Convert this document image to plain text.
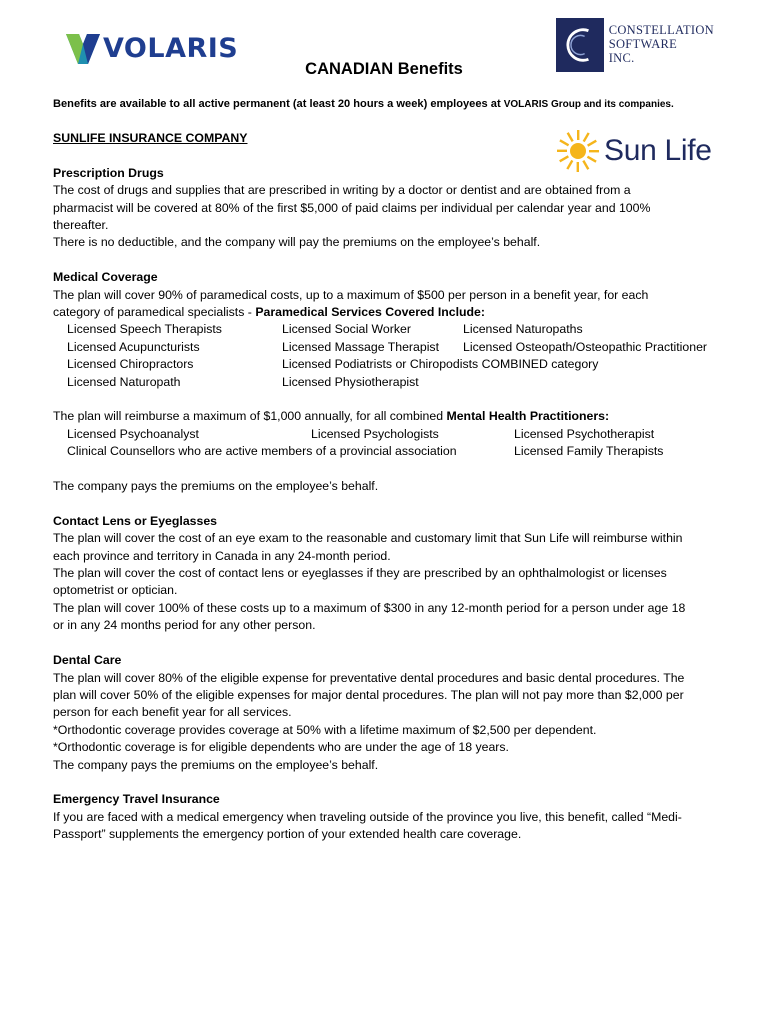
VOLARIS
CONSTELLATION
SOFTWARE
INC.
CANADIAN Benefits
Benefits are available to all active permanent (at least 20 hours a week) employees at VOLARIS Group and its companies.
Sun Life

SUNLIFE INSURANCE COMPANY

Prescription Drugs

The cost of drugs and supplies that are prescribed in writing by a doctor or dentist and are obtained from a

pharmacist will be covered at 80% of the first $5,000 of paid claims per individual per calendar year and 100%

thereafter.

There is no deductible, and the company will pay the premiums on the employee’s behalf.

Medical Coverage

The plan will cover 90% of paramedical costs, up to a maximum of $500 per person in a benefit year, for each

category of paramedical specialists - Paramedical Services Covered Include:

Licensed Speech Therapists	Licensed Social Worker	Licensed Naturopaths
Licensed Acupuncturists	Licensed Massage Therapist	Licensed Osteopath/Osteopathic Practitioner
Licensed Chiropractors	Licensed Podiatrists or Chiropodists COMBINED category
Licensed Naturopath	Licensed Physiotherapist

The plan will reimburse a maximum of $1,000 annually, for all combined Mental Health Practitioners:

Licensed Psychoanalyst	Licensed Psychologists	Licensed Psychotherapist
Clinical Counsellors who are active members of a provincial association	Licensed Family Therapists

The company pays the premiums on the employee’s behalf.

Contact Lens or Eyeglasses

The plan will cover the cost of an eye exam to the reasonable and customary limit that Sun Life will reimburse within

each province and territory in Canada in any 24-month period.

The plan will cover the cost of contact lens or eyeglasses if they are prescribed by an ophthalmologist or licenses

optometrist or optician.

The plan will cover 100% of these costs up to a maximum of $300 in any 12-month period for a person under age 18

or in any 24 months period for any other person.

Dental Care

The plan will cover 80% of the eligible expense for preventative dental procedures and basic dental procedures. The

plan will cover 50% of the eligible expenses for major dental procedures. The plan will not pay more than $2,000 per

person for each benefit year for all services.

*Orthodontic coverage provides coverage at 50% with a lifetime maximum of $2,500 per dependent.

*Orthodontic coverage is for eligible dependents who are under the age of 18 years.

The company pays the premiums on the employee’s behalf.

Emergency Travel Insurance

If you are faced with a medical emergency when traveling outside of the province you live, this benefit, called “Medi-

Passport” supplements the emergency portion of your extended health care coverage.
